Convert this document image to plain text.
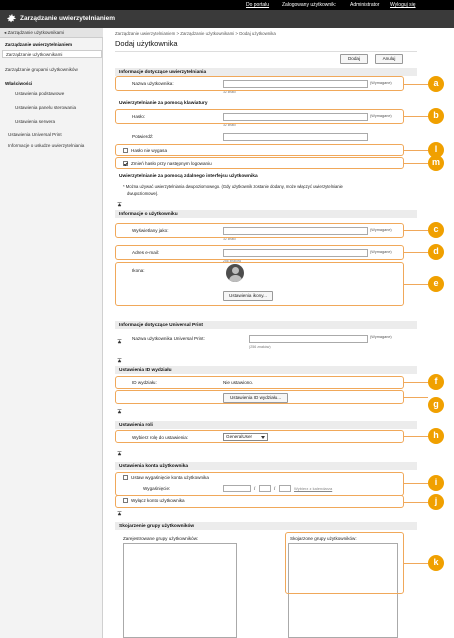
Do portalu	Zalogowany użytkownik:	Administrator Wyloguj się
Zarządzanie uwierzytelnianiem
◂ Zarządzanie użytkownikami
Zarządzanie uwierzytelnianiem
Zarządzanie użytkownikami
Zarządzanie grupami użytkowników
Właściwości
Ustawienia podstawowe
Ustawienia panelu sterowania
Ustawienia serwera
Ustawienia Universal Print
Informacje o usłudze uwierzytelniania
Zarządzanie uwierzytelnianiem > Zarządzanie użytkownikami > Dodaj użytkownika
Dodaj użytkownika
Dodaj	Anuluj
Informacje dotyczące uwierzytelniania
Nazwa użytkownika:	(Wymagane)
32 znaki
Uwierzytelnianie za pomocą klawiatury
Hasło:	(Wymagane)
32 znaki
Potwierdź:
Hasło nie wygasa
Zmień hasło przy następnym logowaniu
Uwierzytelnianie za pomocą zdalnego interfejsu użytkownika
* Można używać uwierzytelniania dwupoziomowego. (Gdy użytkownik zostanie dodany, może włączyć uwierzytelnianie
dwupoziomowe).
Informacje o użytkowniku
Wyświetlany jako:	(Wymagane)
32 znaki
Adres e-mail:	(Wymagane)
256 znaków
Ikona:
Ustawienia ikony...
Informacje dotyczące Universal Print
Nazwa użytkownika Universal Print:	(Wymagane)
(256 znaków)
Ustawienia ID wydziału
ID wydziału:	Nie ustawiono.
Ustawienia ID wydziału...
Ustawienia roli
Wybierz rolę do ustawienia:	GeneralUser
Ustawienia konta użytkownika
Ustaw wygaśnięcie konta użytkownika
Wygaśnięcie:	/	/	Wybierz z kalendarza
Wyłącz konto użytkownika
Skojarzenie grupy użytkowników
Zarejestrowane grupy użytkowników:	Skojarzone grupy użytkowników:
a
b
l
m
c
d
e
f
g
h
i
j
k
